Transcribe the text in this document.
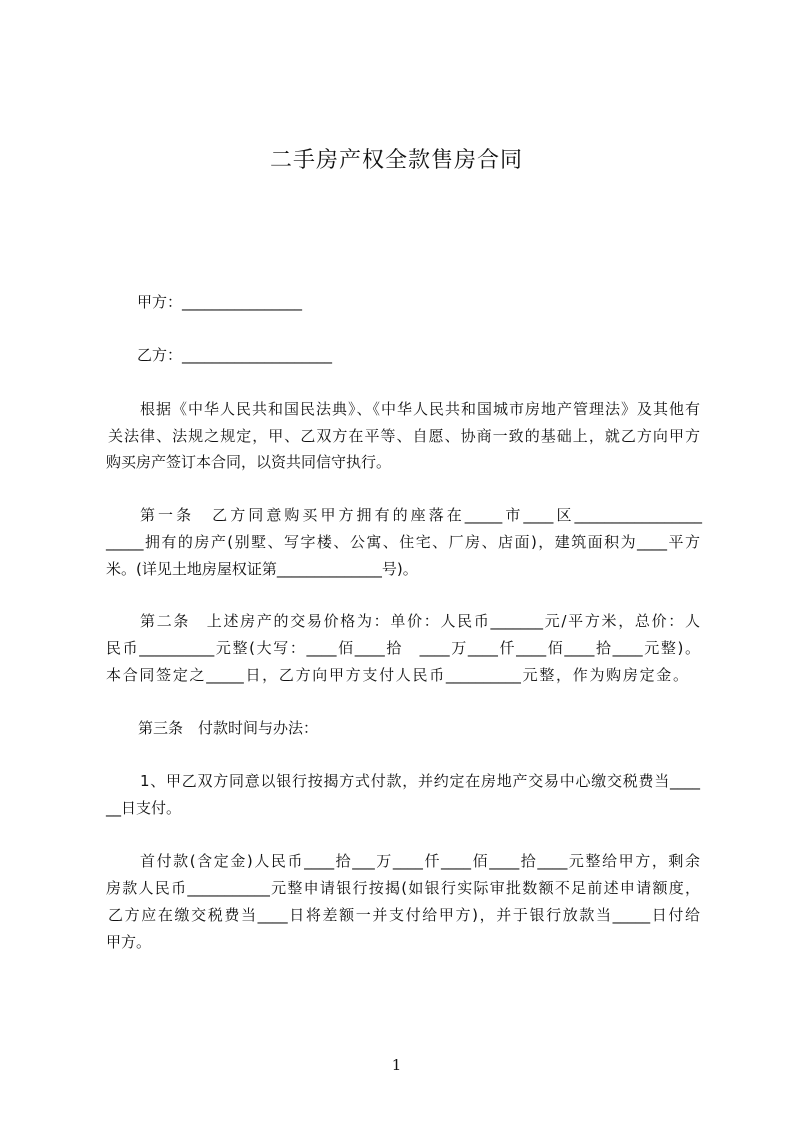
二手房产权全款售房合同
甲方：________________
乙方：____________________
根据《中华人民共和国民法典》、《中华人民共和国城市房地产管理法》及其他有
关法律、法规之规定，甲、乙双方在平等、自愿、协商一致的基础上，就乙方向甲方
购买房产签订本合同，以资共同信守执行。
第一条　乙方同意购买甲方拥有的座落在_____市____区_________________
_____拥有的房产(别墅、写字楼、公寓、住宅、厂房、店面)，建筑面积为____平方
米。(详见土地房屋权证第______________号)。
第二条　上述房产的交易价格为：单价：人民币_______元/平方米，总价：人
民币__________元整(大写：____佰____拾　____万____仟____佰____拾____元整)。
本合同签定之_____日，乙方向甲方支付人民币__________元整，作为购房定金。
第三条　付款时间与办法：
1、甲乙双方同意以银行按揭方式付款，并约定在房地产交易中心缴交税费当____
__日支付。
首付款(含定金)人民币____拾___万____仟____佰____拾____元整给甲方，剩余
房款人民币___________元整申请银行按揭(如银行实际审批数额不足前述申请额度，
乙方应在缴交税费当____日将差额一并支付给甲方)，并于银行放款当_____日付给
甲方。
1
